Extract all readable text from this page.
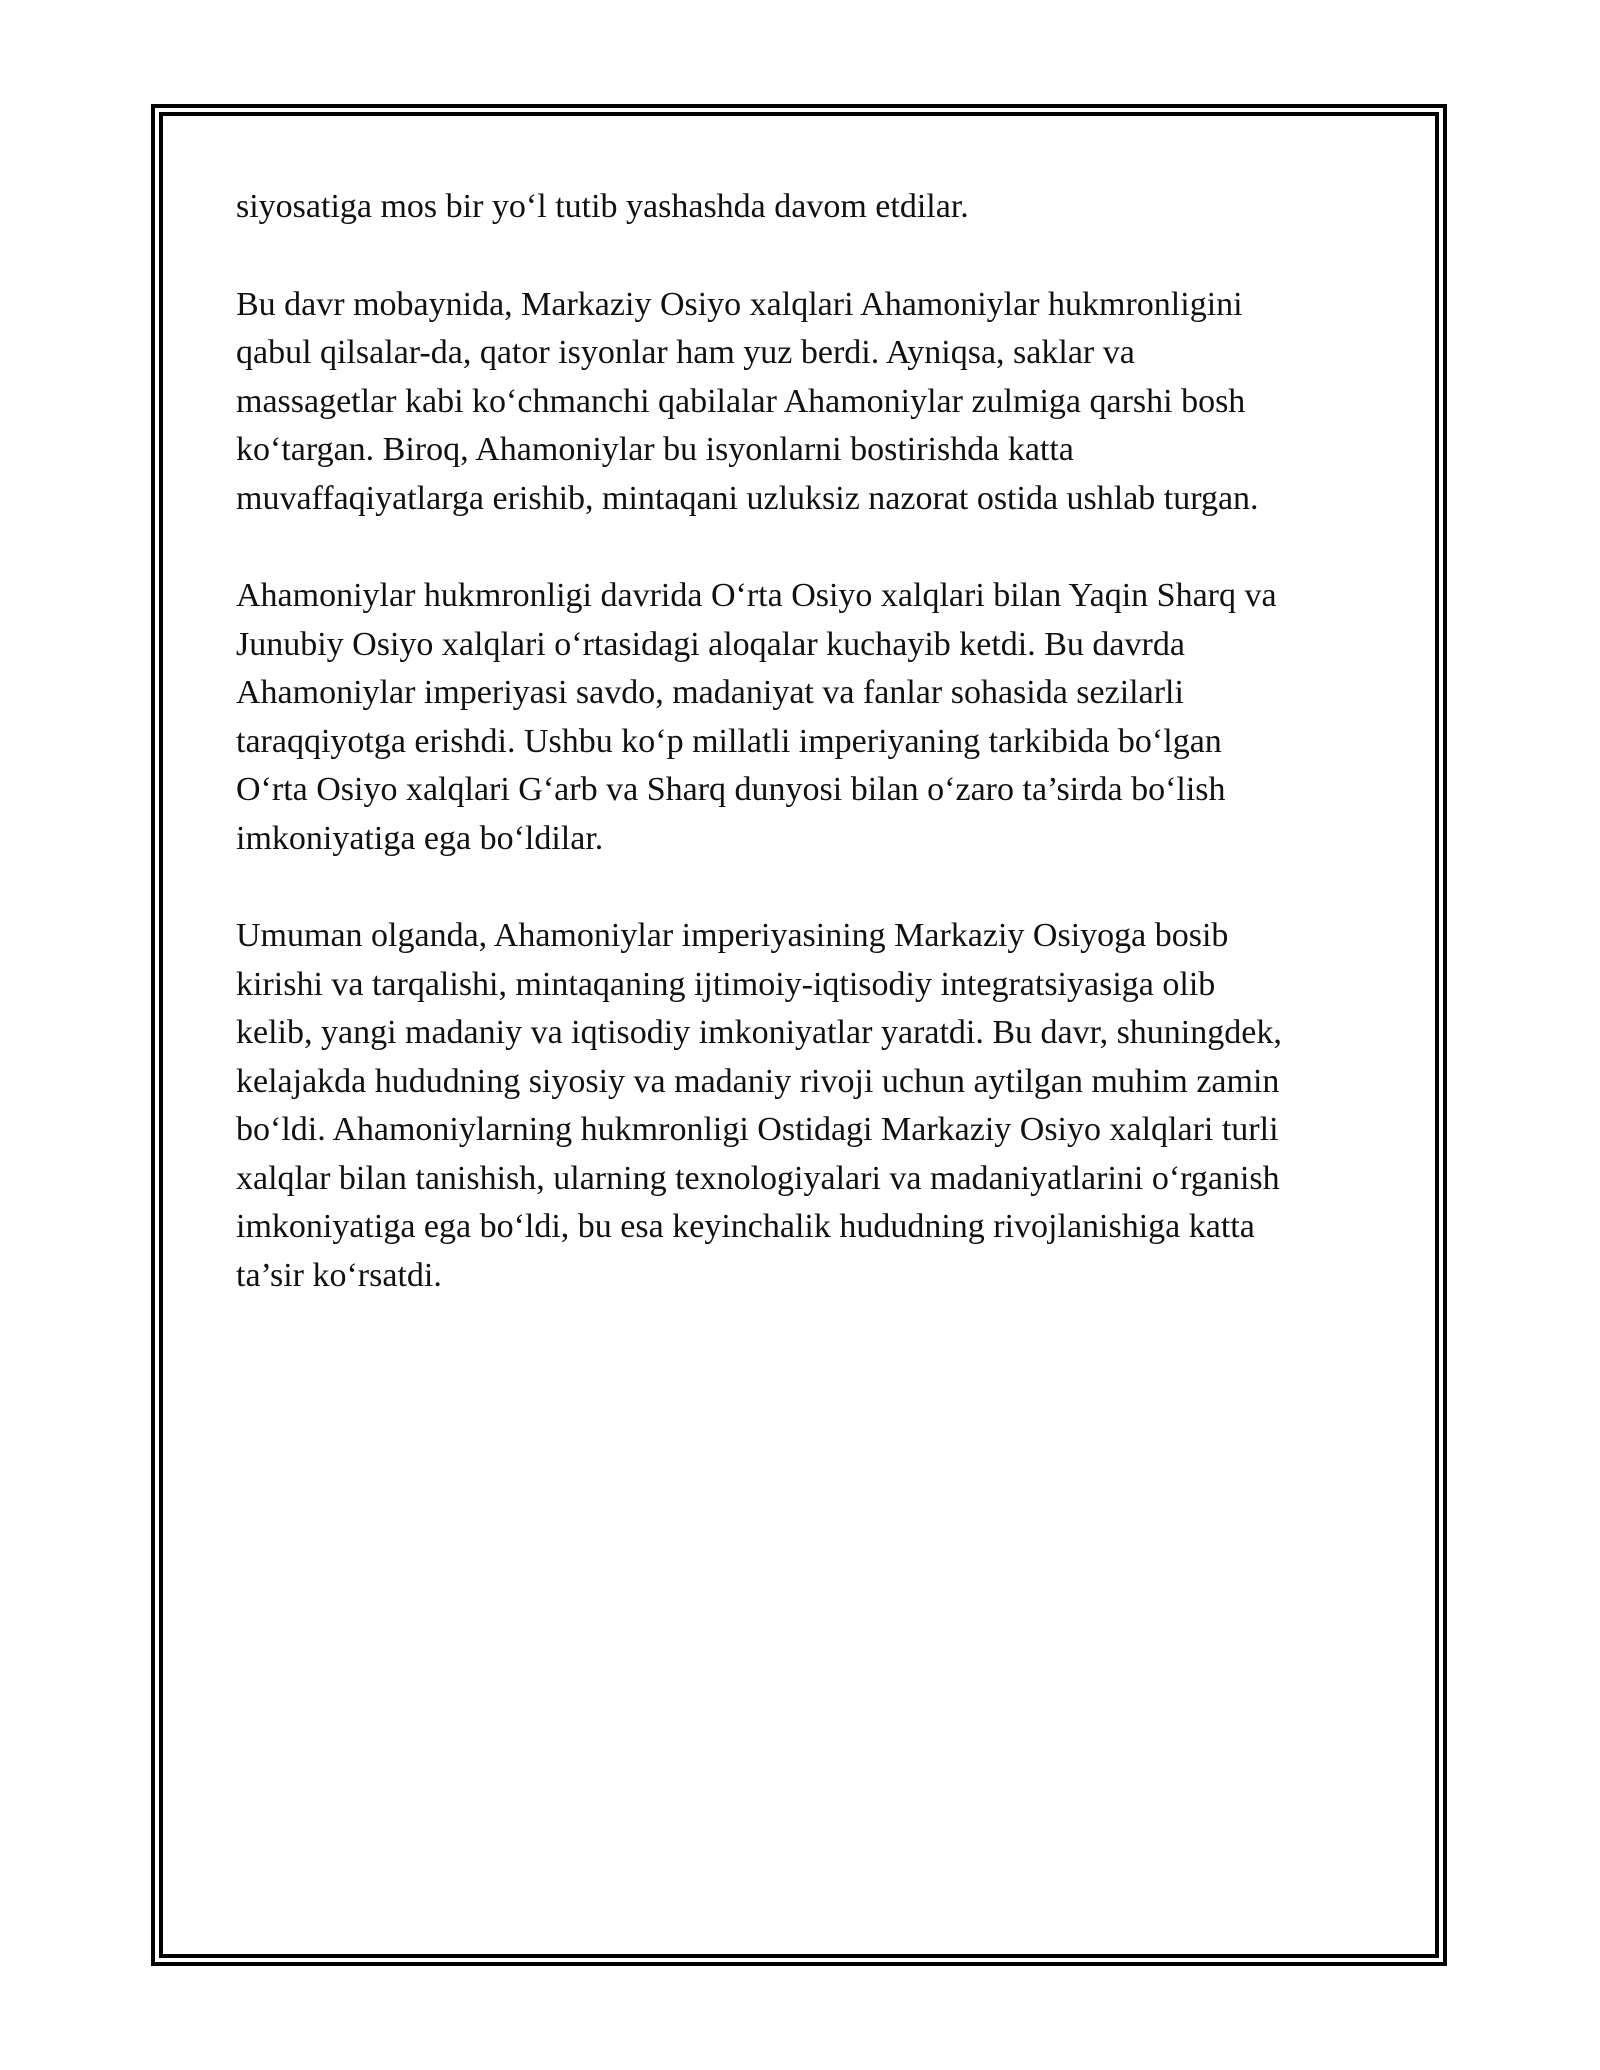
siyosatiga mos bir yo‘l tutib yashashda davom etdilar.

Bu davr mobaynida, Markaziy Osiyo xalqlari Ahamoniylar hukmronligini
qabul qilsalar-da, qator isyonlar ham yuz berdi. Ayniqsa, saklar va
massagetlar kabi ko‘chmanchi qabilalar Ahamoniylar zulmiga qarshi bosh
ko‘targan. Biroq, Ahamoniylar bu isyonlarni bostirishda katta
muvaffaqiyatlarga erishib, mintaqani uzluksiz nazorat ostida ushlab turgan.

Ahamoniylar hukmronligi davrida O‘rta Osiyo xalqlari bilan Yaqin Sharq va
Junubiy Osiyo xalqlari o‘rtasidagi aloqalar kuchayib ketdi. Bu davrda
Ahamoniylar imperiyasi savdo, madaniyat va fanlar sohasida sezilarli
taraqqiyotga erishdi. Ushbu ko‘p millatli imperiyaning tarkibida bo‘lgan
O‘rta Osiyo xalqlari G‘arb va Sharq dunyosi bilan o‘zaro ta’sirda bo‘lish
imkoniyatiga ega bo‘ldilar.

Umuman olganda, Ahamoniylar imperiyasining Markaziy Osiyoga bosib
kirishi va tarqalishi, mintaqaning ijtimoiy-iqtisodiy integratsiyasiga olib
kelib, yangi madaniy va iqtisodiy imkoniyatlar yaratdi. Bu davr, shuningdek,
kelajakda hududning siyosiy va madaniy rivoji uchun aytilgan muhim zamin
bo‘ldi. Ahamoniylarning hukmronligi Ostidagi Markaziy Osiyo xalqlari turli
xalqlar bilan tanishish, ularning texnologiyalari va madaniyatlarini o‘rganish
imkoniyatiga ega bo‘ldi, bu esa keyinchalik hududning rivojlanishiga katta
ta’sir ko‘rsatdi.
